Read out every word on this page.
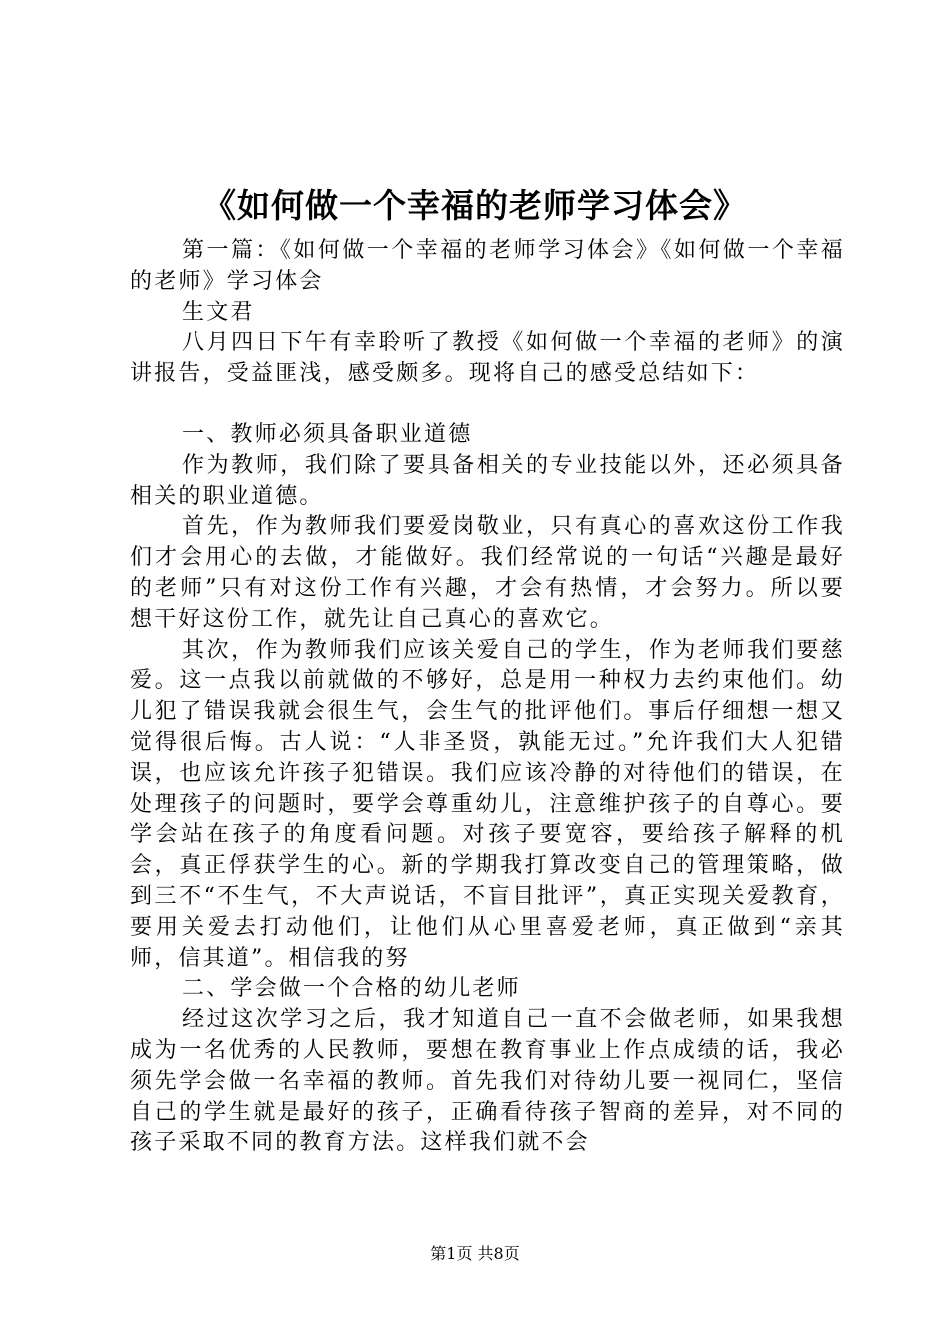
《如何做一个幸福的老师学习体会》

第一篇：《如何做一个幸福的老师学习体会》《如何做一个幸福的老师》学习体会

生文君

八月四日下午有幸聆听了教授《如何做一个幸福的老师》的演讲报告，受益匪浅，感受颇多。现将自己的感受总结如下：

一、教师必须具备职业道德

作为教师，我们除了要具备相关的专业技能以外，还必须具备相关的职业道德。

首先，作为教师我们要爱岗敬业，只有真心的喜欢这份工作我们才会用心的去做，才能做好。我们经常说的一句话“兴趣是最好的老师”只有对这份工作有兴趣，才会有热情，才会努力。所以要想干好这份工作，就先让自己真心的喜欢它。

其次，作为教师我们应该关爱自己的学生，作为老师我们要慈爱。这一点我以前就做的不够好，总是用一种权力去约束他们。幼儿犯了错误我就会很生气，会生气的批评他们。事后仔细想一想又觉得很后悔。古人说：“人非圣贤，孰能无过。”允许我们大人犯错误，也应该允许孩子犯错误。我们应该冷静的对待他们的错误，在处理孩子的问题时，要学会尊重幼儿，注意维护孩子的自尊心。要学会站在孩子的角度看问题。对孩子要宽容，要给孩子解释的机会，真正俘获学生的心。新的学期我打算改变自己的管理策略，做到三不“不生气，不大声说话，不盲目批评”，真正实现关爱教育，要用关爱去打动他们，让他们从心里喜爱老师，真正做到“亲其师，信其道”。相信我的努

二、学会做一个合格的幼儿老师

经过这次学习之后，我才知道自己一直不会做老师，如果我想成为一名优秀的人民教师，要想在教育事业上作点成绩的话，我必须先学会做一名幸福的教师。首先我们对待幼儿要一视同仁，坚信自己的学生就是最好的孩子，正确看待孩子智商的差异，对不同的孩子采取不同的教育方法。这样我们就不会

第1页 共8页
